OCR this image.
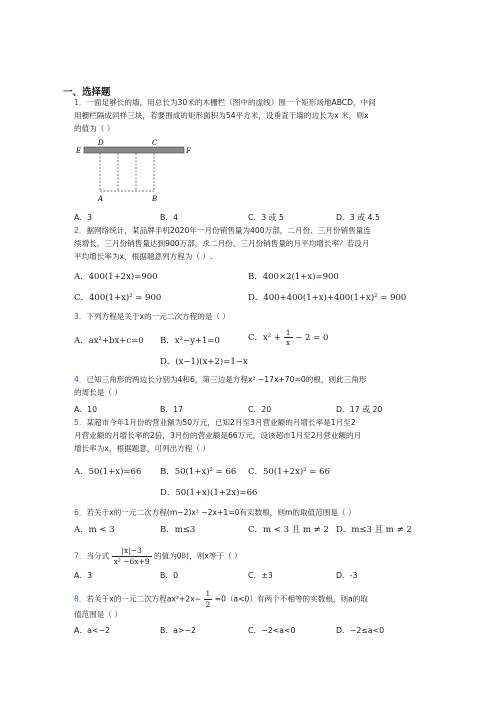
一、选择题
1．一面足够长的墙，用总长为30米的木栅栏（图中的虚线）围一个矩形场地ABCD，中间
用栅栏隔成同样三块，若要围成的矩形面积为54平方米，设垂直于墙的边长为x 米，则x
的值为（ ）
E	F
D	C
A	B
A．3	B．4	C．3 或 5	D．3 或 4.5
2．据网络统计，某品牌手机2020年一月份销售量为400万部，二月份、三月份销售量连
续增长，三月份销售量达到900万部，求二月份、三月份销售量的月平均增长率？若设月
平均增长率为x，根据题意列方程为（ ）.
A．400(1+2x)=900	B．400×2(1+x)=900
C．400(1+x)² = 900	D．400+400(1+x)+400(1+x)² = 900
3．下列方程是关于x的一元二次方程的是（ ）
A．ax²+bx+c=0 B．x²−y+1=0	C．$x^2 + \frac{1}{x} - 2 = 0$
D．(x−1)(x+2)=1−x
4．已知三角形的两边长分别为4和6，第三边是方程x² −17x+70=0的根，则此三角形
的周长是（ ）
A．10	B．17	C．20	D．17 或 20
5．某超市今年1月份的营业额为50万元，已知2月至3月营业额的月增长率是1月至2
月营业额的月增长率的2倍，3月份的营业额是66万元，设该超市1月至2月营业额的月
增长率为x，根据题意，可列出方程（ ）
A．50(1+x)=66 B．50(1+x)² = 66 C．50(1+2x)² = 66
D．50(1+x)(1+2x)=66
6．若关于x的一元二次方程(m−2)x² −2x+1=0有实数根，则m的取值范围是（ ）
A．m < 3	B．m≤3	C．m < 3 且 m ≠ 2 D．m≤3 且 m ≠ 2
7．当分式 $\frac{|x|-3}{\text{x² −6x+9}}$ 的值为0时，则x等于（ ）
A．3	B．0	C．±3	D．-3
8．若关于x的一元二次方程$ax^2+2x- \frac{1}{2} =0(a<0)$有两个不相等的实数根，则a的取
值范围是（ ）
A．a<−2	B．a>−2	C．−2<a<0	D．−2≤a<0
